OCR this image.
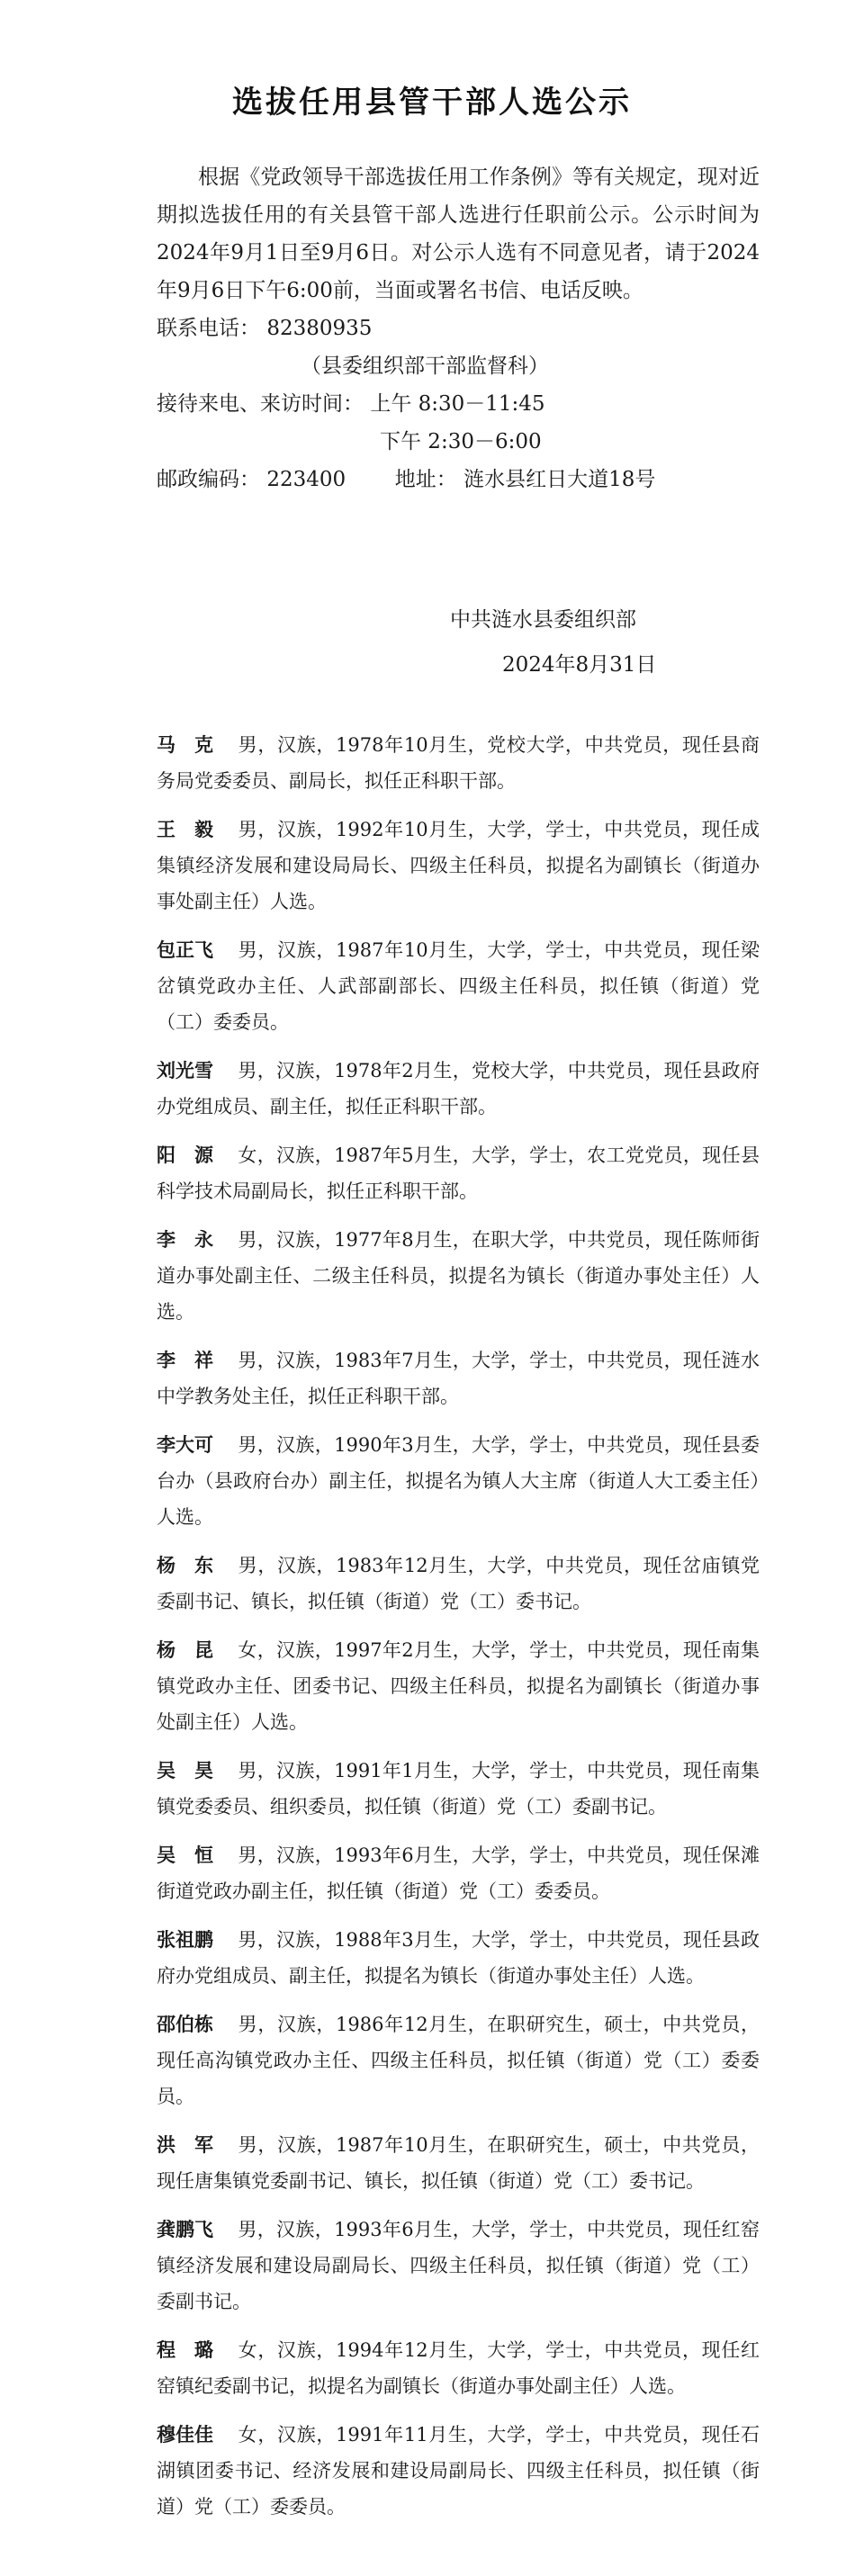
选拔任用县管干部人选公示

根据《党政领导干部选拔任用工作条例》等有关规定，现对近期拟选拔任用的有关县管干部人选进行任职前公示。公示时间为2024年9月1日至9月6日。对公示人选有不同意见者，请于2024年9月6日下午6:00前，当面或署名书信、电话反映。

联系电话： 82380935

（县委组织部干部监督科）

接待来电、来访时间： 上午 8:30－11:45

下午 2:30－6:00

邮政编码： 223400 地址： 涟水县红日大道18号

中共涟水县委组织部
2024年8月31日
马　克 男，汉族，1978年10月生，党校大学，中共党员，现任县商务局党委委员、副局长，拟任正科职干部。
王　毅 男，汉族，1992年10月生，大学，学士，中共党员，现任成集镇经济发展和建设局局长、四级主任科员，拟提名为副镇长（街道办事处副主任）人选。
包正飞 男，汉族，1987年10月生，大学，学士，中共党员，现任梁岔镇党政办主任、人武部副部长、四级主任科员，拟任镇（街道）党（工）委委员。
刘光雪 男，汉族，1978年2月生，党校大学，中共党员，现任县政府办党组成员、副主任，拟任正科职干部。
阳　源 女，汉族，1987年5月生，大学，学士，农工党党员，现任县科学技术局副局长，拟任正科职干部。
李　永 男，汉族，1977年8月生，在职大学，中共党员，现任陈师街道办事处副主任、二级主任科员，拟提名为镇长（街道办事处主任）人选。
李　祥 男，汉族，1983年7月生，大学，学士，中共党员，现任涟水中学教务处主任，拟任正科职干部。
李大可 男，汉族，1990年3月生，大学，学士，中共党员，现任县委台办（县政府台办）副主任，拟提名为镇人大主席（街道人大工委主任）人选。
杨　东 男，汉族，1983年12月生，大学，中共党员，现任岔庙镇党委副书记、镇长，拟任镇（街道）党（工）委书记。
杨　昆 女，汉族，1997年2月生，大学，学士，中共党员，现任南集镇党政办主任、团委书记、四级主任科员，拟提名为副镇长（街道办事处副主任）人选。
吴　昊 男，汉族，1991年1月生，大学，学士，中共党员，现任南集镇党委委员、组织委员，拟任镇（街道）党（工）委副书记。
吴　恒 男，汉族，1993年6月生，大学，学士，中共党员，现任保滩街道党政办副主任，拟任镇（街道）党（工）委委员。
张祖鹏 男，汉族，1988年3月生，大学，学士，中共党员，现任县政府办党组成员、副主任，拟提名为镇长（街道办事处主任）人选。
邵伯栋 男，汉族，1986年12月生，在职研究生，硕士，中共党员，现任高沟镇党政办主任、四级主任科员，拟任镇（街道）党（工）委委员。
洪　军 男，汉族，1987年10月生，在职研究生，硕士，中共党员，现任唐集镇党委副书记、镇长，拟任镇（街道）党（工）委书记。
龚鹏飞 男，汉族，1993年6月生，大学，学士，中共党员，现任红窑镇经济发展和建设局副局长、四级主任科员，拟任镇（街道）党（工）委副书记。
程　璐 女，汉族，1994年12月生，大学，学士，中共党员，现任红窑镇纪委副书记，拟提名为副镇长（街道办事处副主任）人选。
穆佳佳 女，汉族，1991年11月生，大学，学士，中共党员，现任石湖镇团委书记、经济发展和建设局副局长、四级主任科员，拟任镇（街道）党（工）委委员。
